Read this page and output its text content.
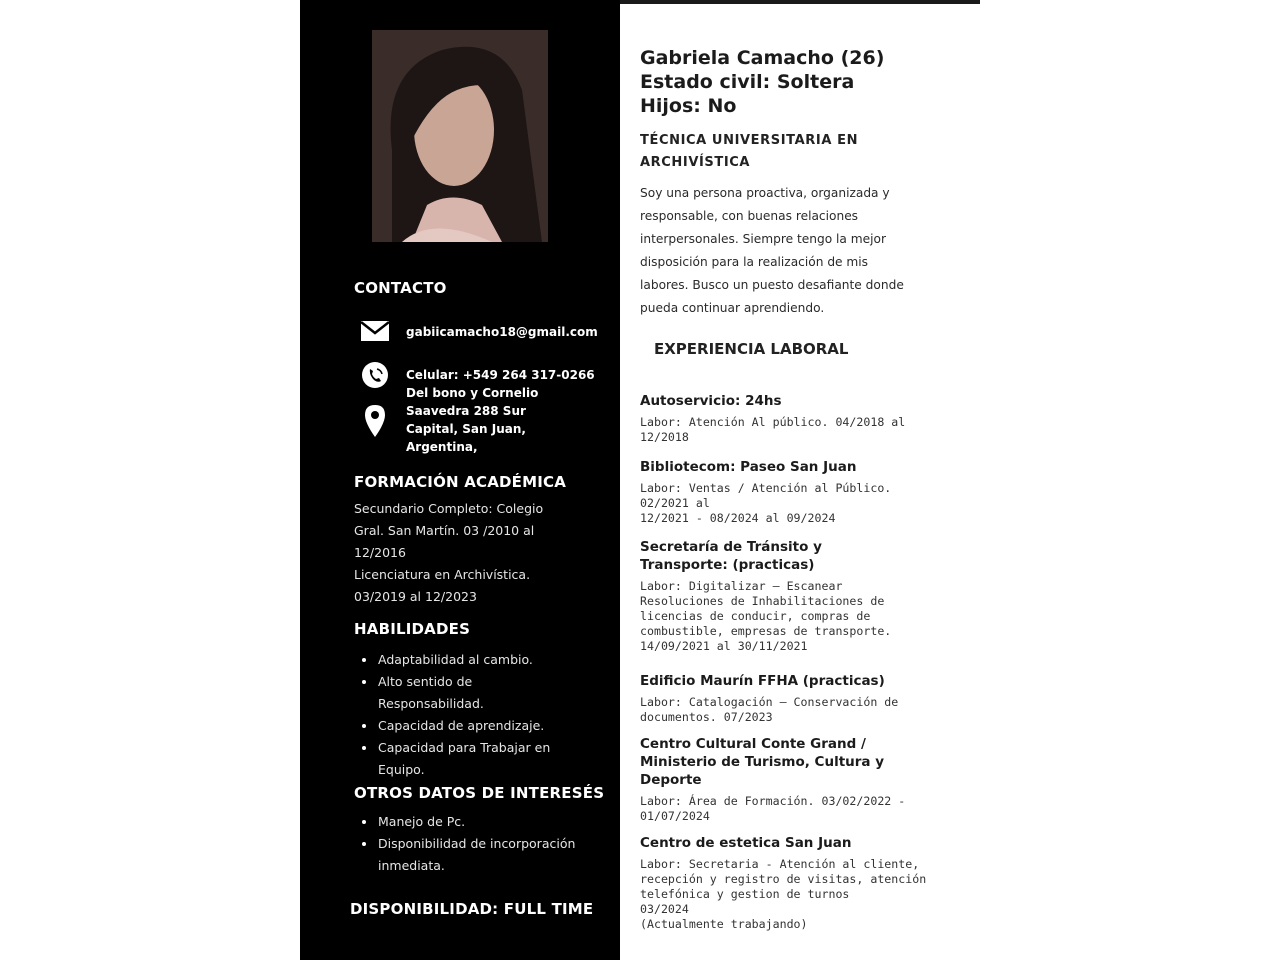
CONTACTO
gabiicamacho18@gmail.com
Celular: +549 264 317-0266
Del bono y Cornelio
Saavedra 288 Sur
Capital, San Juan,
Argentina,
FORMACIÓN ACADÉMICA
Secundario Completo: Colegio
Gral. San Martín. 03 /2010 al
12/2016
Licenciatura en Archivística.
03/2019 al 12/2023
HABILIDADES
Adaptabilidad al cambio.
Alto sentido de
Responsabilidad.
Capacidad de aprendizaje.
Capacidad para Trabajar en
Equipo.
OTROS DATOS DE INTERESÉS
Manejo de Pc.
Disponibilidad de incorporación
inmediata.
DISPONIBILIDAD: FULL TIME
Gabriela Camacho (26)
Estado civil: Soltera
Hijos: No
TÉCNICA UNIVERSITARIA EN
ARCHIVÍSTICA
Soy una persona proactiva, organizada y
responsable, con buenas relaciones
interpersonales. Siempre tengo la mejor
disposición para la realización de mis
labores. Busco un puesto desafiante donde
pueda continuar aprendiendo.
EXPERIENCIA LABORAL
Autoservicio: 24hs
Labor: Atención Al público. 04/2018 al
12/2018
Bibliotecom: Paseo San Juan
Labor: Ventas / Atención al Público.
02/2021 al
12/2021 - 08/2024 al 09/2024
Secretaría de Tránsito y
Transporte: (practicas)
Labor: Digitalizar – Escanear
Resoluciones de Inhabilitaciones de
licencias de conducir, compras de
combustible, empresas de transporte.
14/09/2021 al 30/11/2021
Edificio Maurín FFHA (practicas)
Labor: Catalogación – Conservación de
documentos. 07/2023
Centro Cultural Conte Grand /
Ministerio de Turismo, Cultura y
Deporte
Labor: Área de Formación. 03/02/2022 -
01/07/2024
Centro de estetica San Juan
Labor: Secretaria - Atención al cliente,
recepción y registro de visitas, atención
telefónica y gestion de turnos
03/2024
(Actualmente trabajando)
